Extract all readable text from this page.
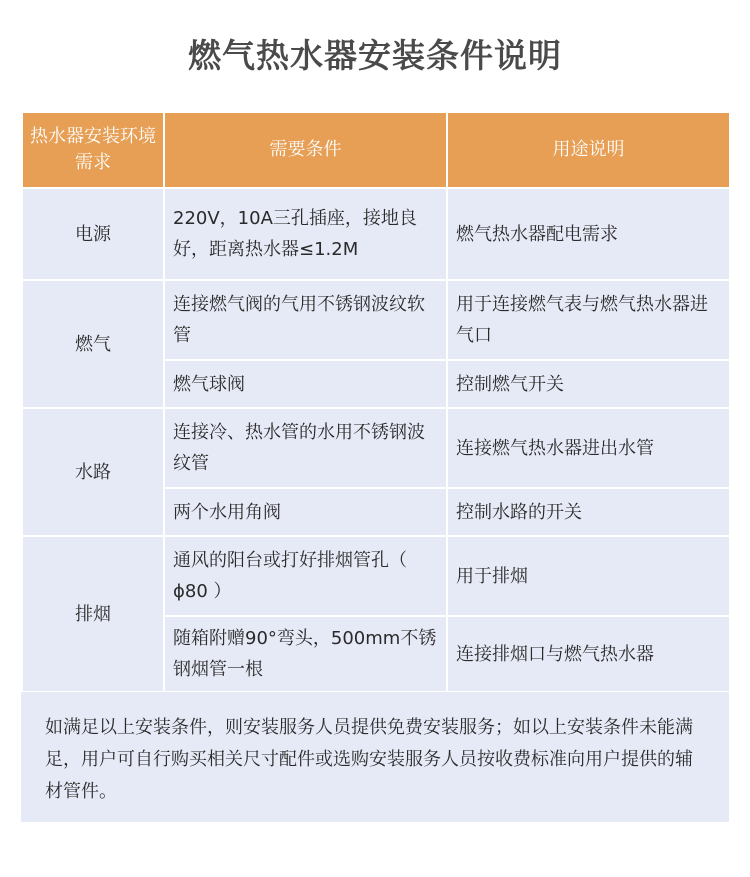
燃气热水器安装条件说明
热水器安装环境需求	需要条件	用途说明
电源	220V，10A三孔插座，接地良好，距离热水器≤1.2M	燃气热水器配电需求
燃气	连接燃气阀的气用不锈钢波纹软管	用于连接燃气表与燃气热水器进气口
	燃气球阀	控制燃气开关
水路	连接冷、热水管的水用不锈钢波纹管	连接燃气热水器进出水管
	两个水用角阀	控制水路的开关
排烟	通风的阳台或打好排烟管孔（ ɸ80 ）	用于排烟
	随箱附赠90°弯头，500mm不锈钢烟管一根	连接排烟口与燃气热水器
如满足以上安装条件，则安装服务人员提供免费安装服务；如以上安装条件未能满足，用户可自行购买相关尺寸配件或选购安装服务人员按收费标准向用户提供的辅材管件。
